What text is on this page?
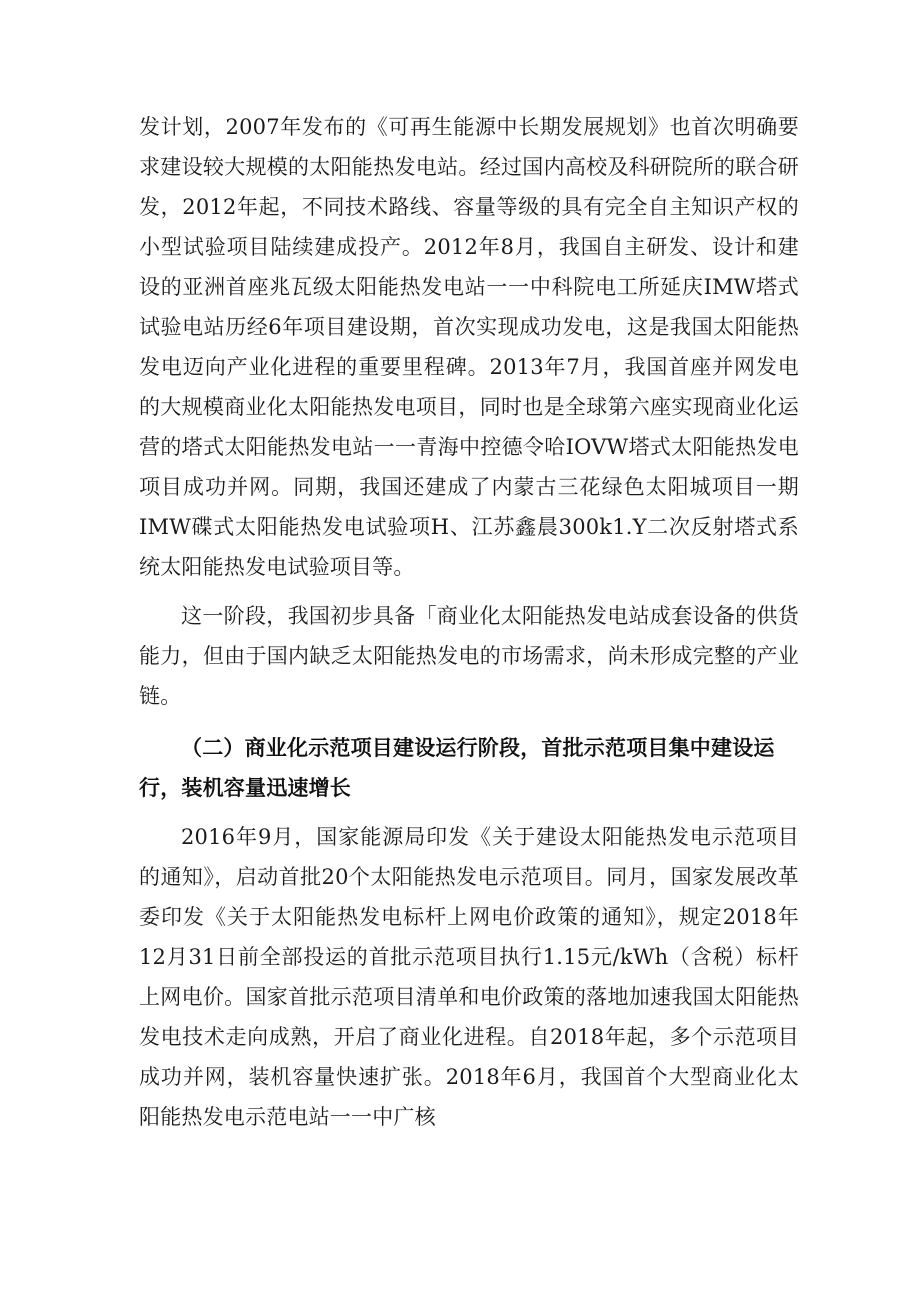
发计划，2007年发布的《可再生能源中长期发展规划》也首次明确要求建设较大规模的太阳能热发电站。经过国内高校及科研院所的联合研发，2012年起，不同技术路线、容量等级的具有完全自主知识产权的小型试验项目陆续建成投产。2012年8月，我国自主研发、设计和建设的亚洲首座兆瓦级太阳能热发电站一一中科院电工所延庆IMW塔式试验电站历经6年项目建设期，首次实现成功发电，这是我国太阳能热发电迈向产业化进程的重要里程碑。2013年7月，我国首座并网发电的大规模商业化太阳能热发电项目，同时也是全球第六座实现商业化运营的塔式太阳能热发电站一一青海中控德令哈IOVW塔式太阳能热发电项目成功并网。同期，我国还建成了内蒙古三花绿色太阳城项目一期IMW碟式太阳能热发电试验项H、江苏鑫晨300k1.Y二次反射塔式系统太阳能热发电试验项目等。

这一阶段，我国初步具备「商业化太阳能热发电站成套设备的供货能力，但由于国内缺乏太阳能热发电的市场需求，尚未形成完整的产业链。

（二）商业化示范项目建设运行阶段，首批示范项目集中建设运行，装机容量迅速增长

2016年9月，国家能源局印发《关于建设太阳能热发电示范项目的通知》，启动首批20个太阳能热发电示范项目。同月，国家发展改革委印发《关于太阳能热发电标杆上网电价政策的通知》，规定2018年12月31日前全部投运的首批示范项目执行1.15元/kWh（含税）标杆上网电价。国家首批示范项目清单和电价政策的落地加速我国太阳能热发电技术走向成熟，开启了商业化进程。自2018年起，多个示范项目成功并网，装机容量快速扩张。2018年6月，我国首个大型商业化太阳能热发电示范电站一一中广核
